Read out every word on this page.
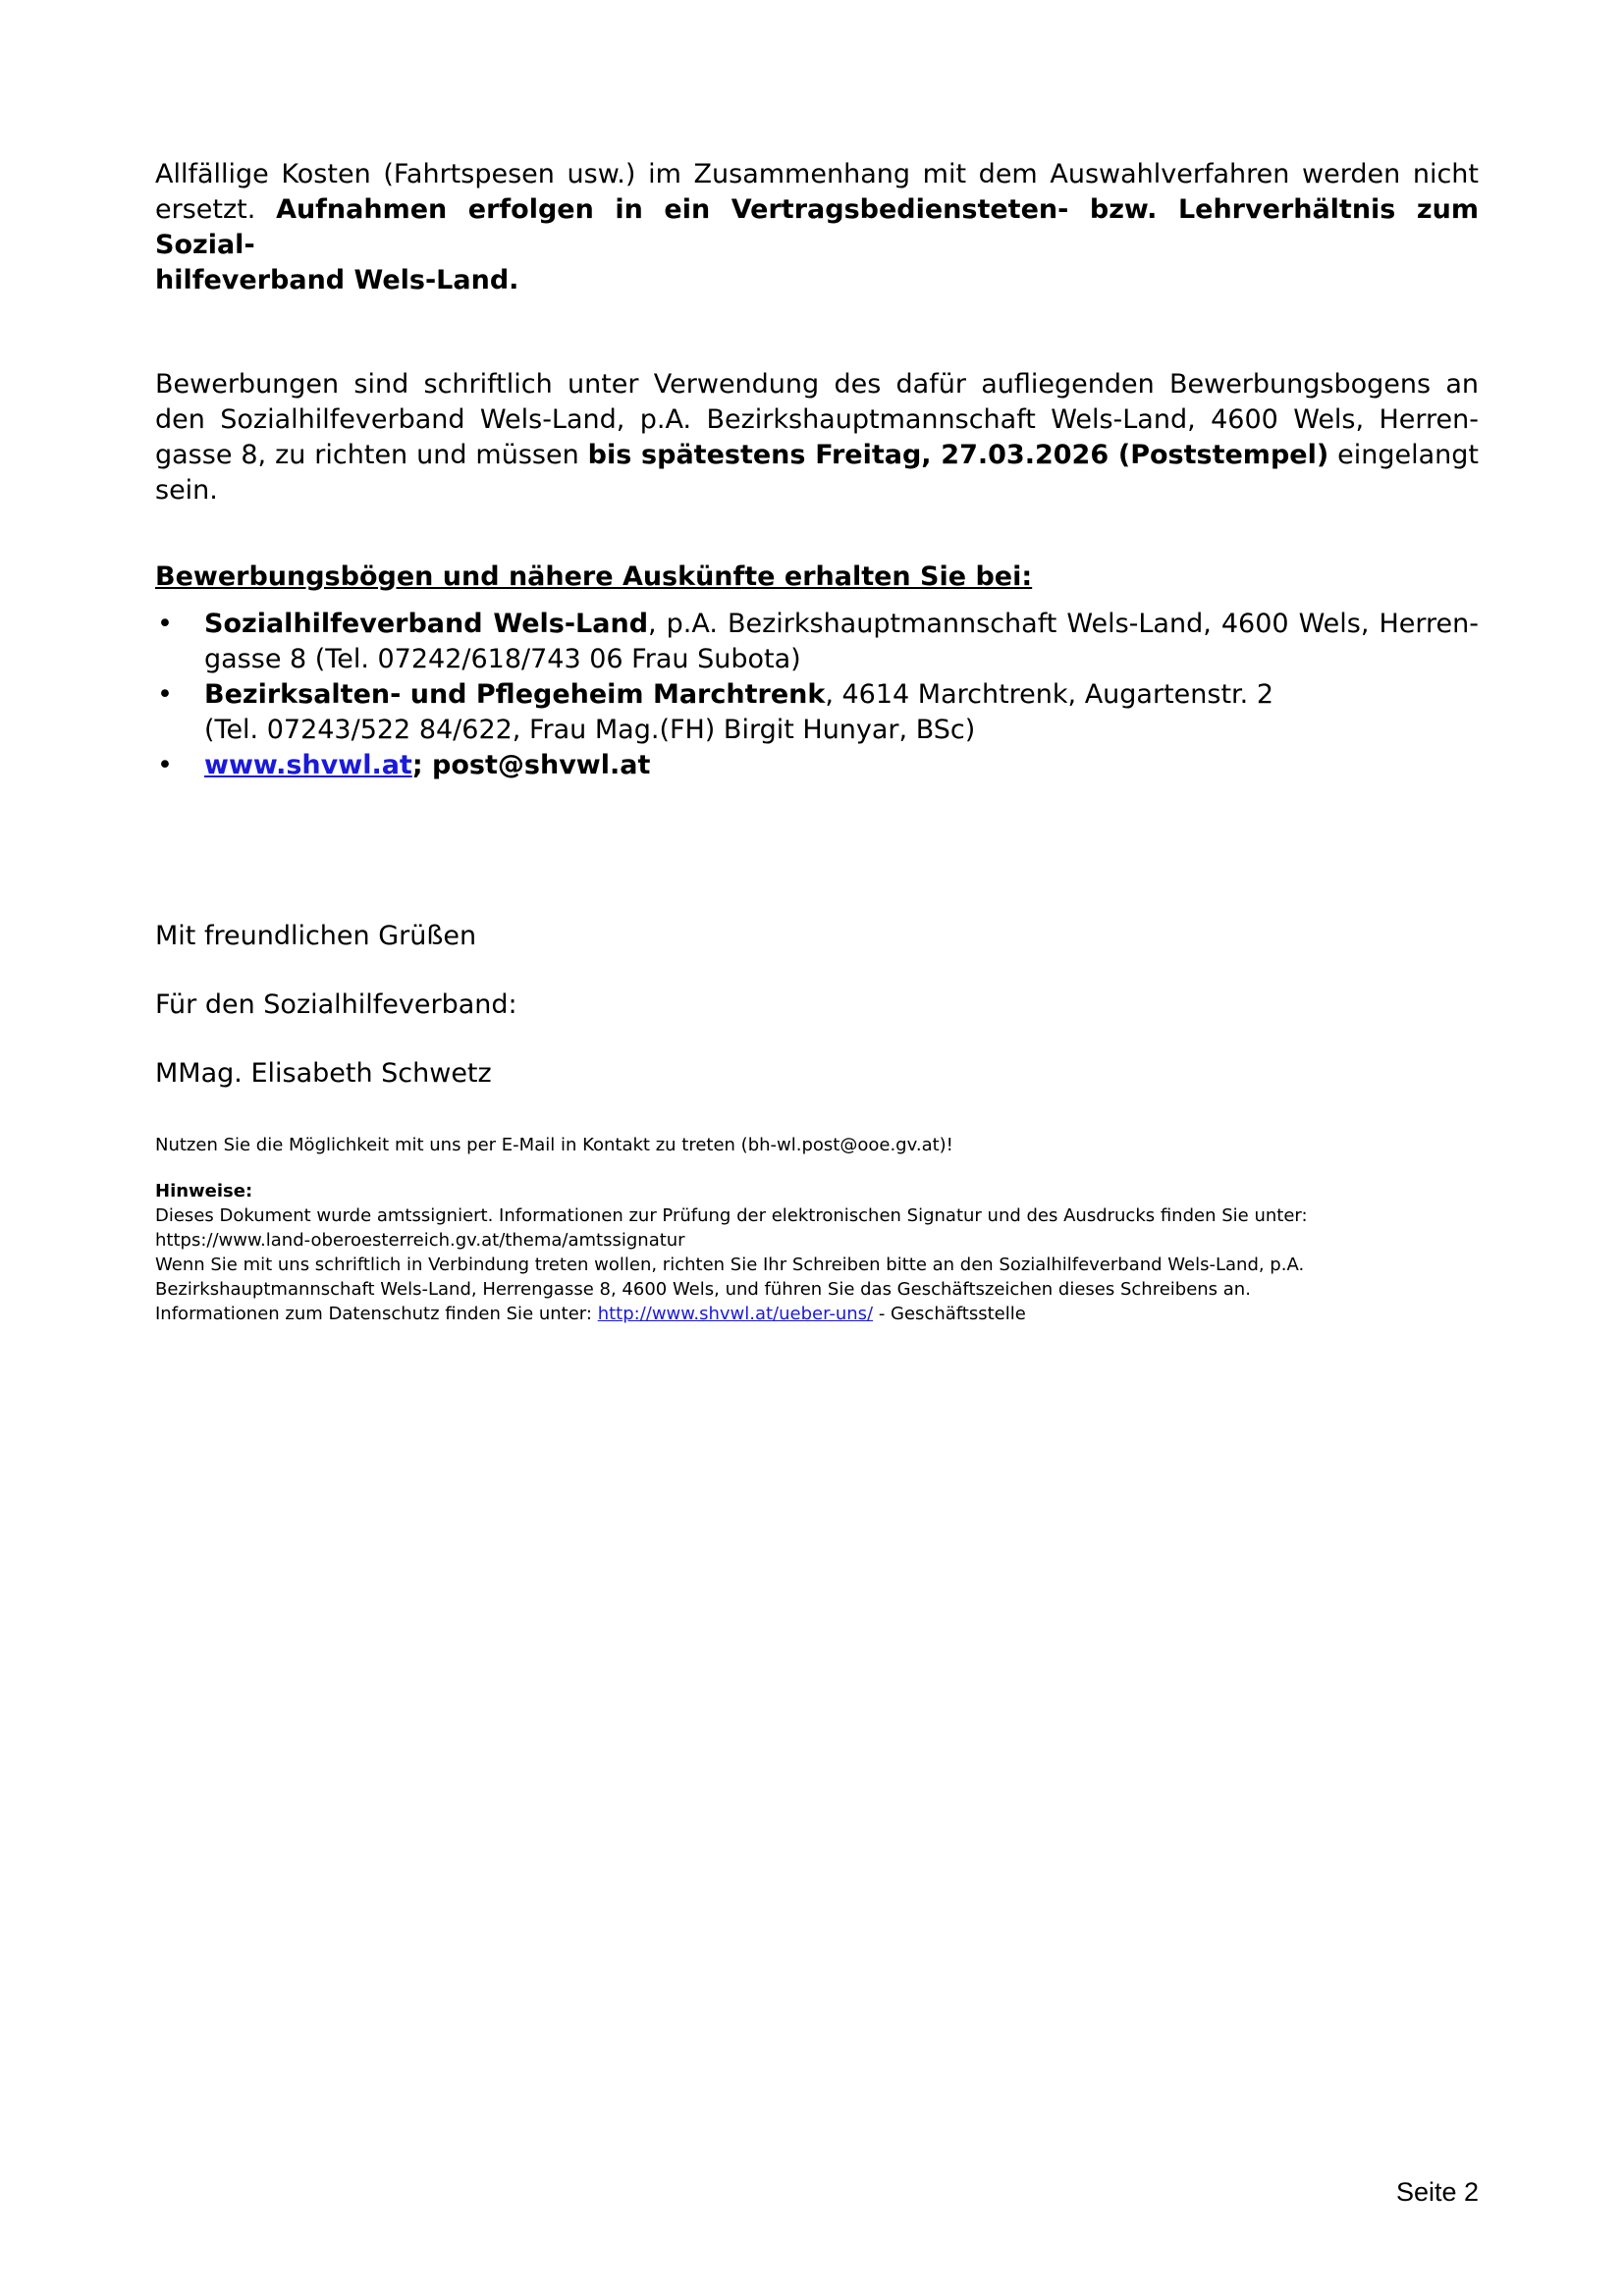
Allfällige Kosten (Fahrtspesen usw.) im Zusammenhang mit dem Auswahlverfahren werden nicht
ersetzt. Aufnahmen erfolgen in ein Vertragsbediensteten- bzw. Lehrverhältnis zum Sozial-
hilfeverband Wels-Land.

Bewerbungen sind schriftlich unter Verwendung des dafür aufliegenden Bewerbungsbogens an
den Sozialhilfeverband Wels-Land, p.A. Bezirkshauptmannschaft Wels-Land, 4600 Wels, Herren-
gasse 8, zu richten und müssen bis spätestens Freitag, 27.03.2026 (Poststempel) eingelangt
sein.

Bewerbungsbögen und nähere Auskünfte erhalten Sie bei:
• Sozialhilfeverband Wels-Land, p.A. Bezirkshauptmannschaft Wels-Land, 4600 Wels, Herren-
gasse 8 (Tel. 07242/618/743 06 Frau Subota)
• Bezirksalten- und Pflegeheim Marchtrenk, 4614 Marchtrenk, Augartenstr. 2
(Tel. 07243/522 84/622, Frau Mag.(FH) Birgit Hunyar, BSc)
• www.shvwl.at; post@shvwl.at

Mit freundlichen Grüßen

Für den Sozialhilfeverband:

MMag. Elisabeth Schwetz

Nutzen Sie die Möglichkeit mit uns per E-Mail in Kontakt zu treten (bh-wl.post@ooe.gv.at)!

Hinweise:

Dieses Dokument wurde amtssigniert. Informationen zur Prüfung der elektronischen Signatur und des Ausdrucks finden Sie unter:
https://www.land-oberoesterreich.gv.at/thema/amtssignatur
Wenn Sie mit uns schriftlich in Verbindung treten wollen, richten Sie Ihr Schreiben bitte an den Sozialhilfeverband Wels-Land, p.A.
Bezirkshauptmannschaft Wels-Land, Herrengasse 8, 4600 Wels, und führen Sie das Geschäftszeichen dieses Schreibens an.
Informationen zum Datenschutz finden Sie unter: http://www.shvwl.at/ueber-uns/ - Geschäftsstelle
Seite 2
